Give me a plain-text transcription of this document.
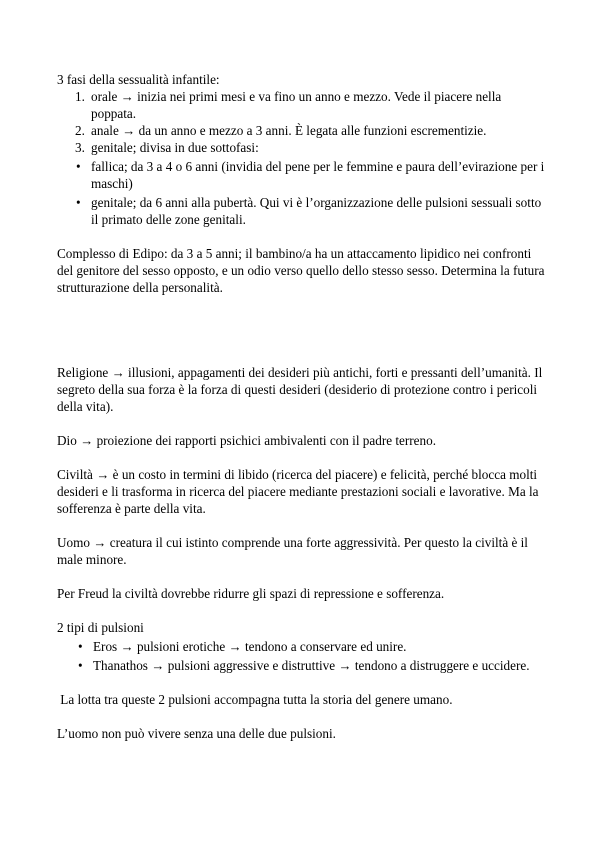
3 fasi della sessualità infantile:

1. orale → inizia nei primi mesi e va fino un anno e mezzo. Vede il piacere nella poppata.
2. anale → da un anno e mezzo a 3 anni. È legata alle funzioni escrementizie.
3. genitale; divisa in due sottofasi:
• fallica; da 3 a 4 o 6 anni (invidia del pene per le femmine e paura dell’evirazione per i maschi)
• genitale; da 6 anni alla pubertà. Qui vi è l’organizzazione delle pulsioni sessuali sotto il primato delle zone genitali.

Complesso di Edipo: da 3 a 5 anni; il bambino/a ha un attaccamento lipidico nei confronti del genitore del sesso opposto, e un odio verso quello dello stesso sesso. Determina la futura strutturazione della personalità.

Religione → illusioni, appagamenti dei desideri più antichi, forti e pressanti dell’umanità. Il segreto della sua forza è la forza di questi desideri (desiderio di protezione contro i pericoli della vita).

Dio → proiezione dei rapporti psichici ambivalenti con il padre terreno.

Civiltà → è un costo in termini di libido (ricerca del piacere) e felicità, perché blocca molti desideri e li trasforma in ricerca del piacere mediante prestazioni sociali e lavorative. Ma la sofferenza è parte della vita.

Uomo → creatura il cui istinto comprende una forte aggressività. Per questo la civiltà è il male minore.

Per Freud la civiltà dovrebbe ridurre gli spazi di repressione e sofferenza.

2 tipi di pulsioni

• Eros → pulsioni erotiche → tendono a conservare ed unire.
• Thanathos → pulsioni aggressive e distruttive → tendono a distruggere e uccidere.

La lotta tra queste 2 pulsioni accompagna tutta la storia del genere umano.

L’uomo non può vivere senza una delle due pulsioni.
